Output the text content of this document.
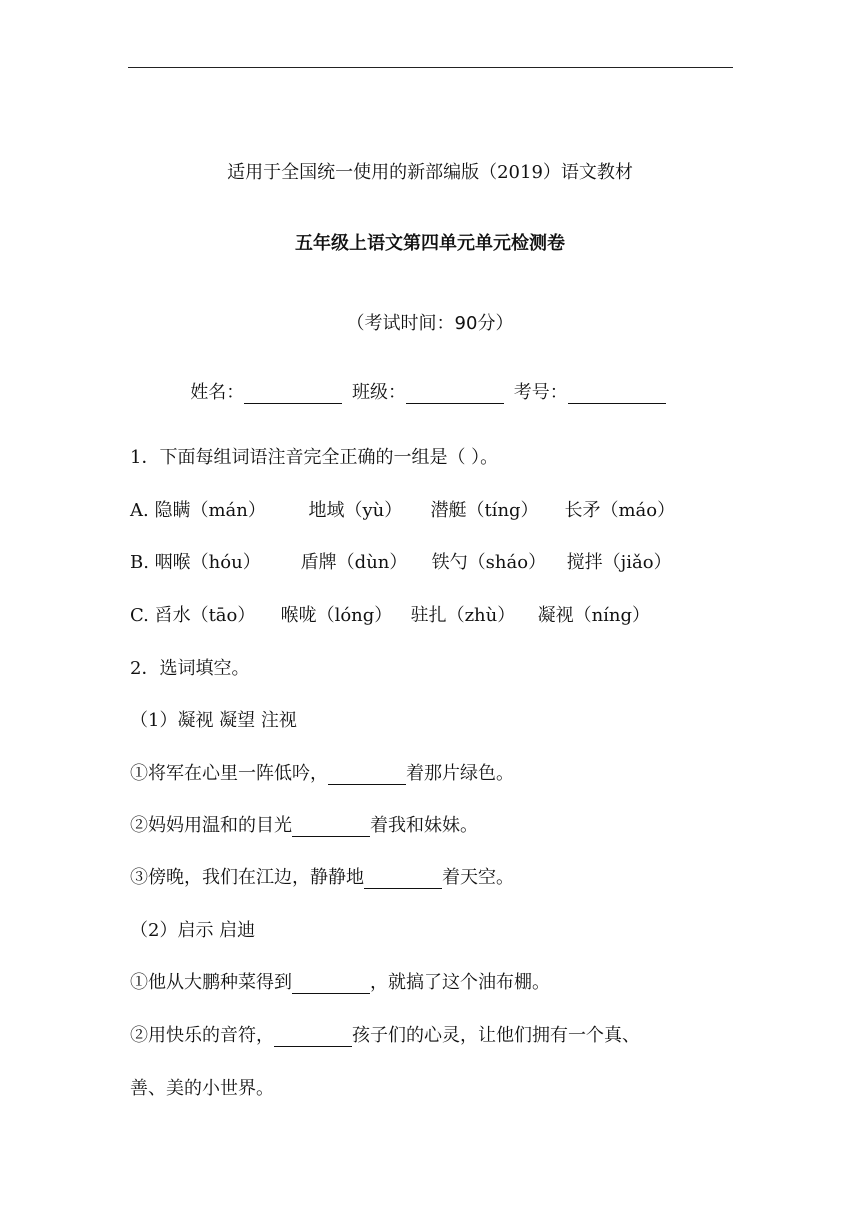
适用于全国统一使用的新部编版（2019）语文教材
五年级上语文第四单元单元检测卷
（考试时间：90分）
姓名：	班级：	考号：
1．下面每组词语注音完全正确的一组是（ ）。
A. 隐瞒（mán） 地域（yù） 潜艇（tíng） 长矛（máo）
B. 咽喉（hóu） 盾牌（dùn） 铁勺（sháo） 搅拌（jiǎo）
C. 舀水（tāo） 喉咙（lóng） 驻扎（zhù） 凝视（níng）
2．选词填空。
（1）凝视 凝望 注视
①将军在心里一阵低吟，	着那片绿色。
②妈妈用温和的目光	着我和妹妹。
③傍晚，我们在江边，静静地	着天空。
（2）启示 启迪
①他从大鹏种菜得到	，就搞了这个油布棚。
②用快乐的音符，	孩子们的心灵，让他们拥有一个真、
善、美的小世界。
